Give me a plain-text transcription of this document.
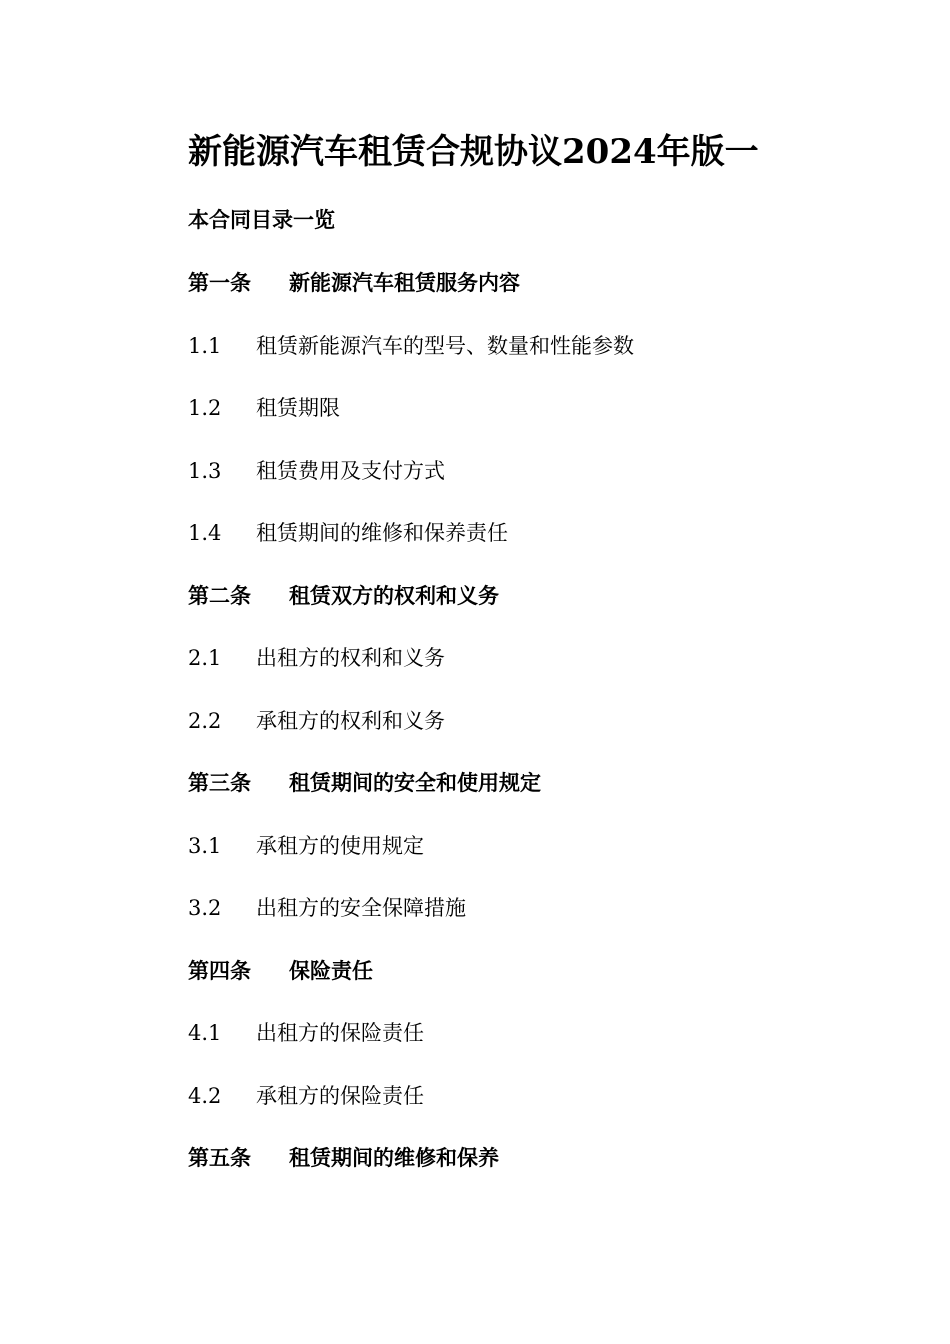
新能源汽车租赁合规协议2024年版一
本合同目录一览
第一条	新能源汽车租赁服务内容
1.1	租赁新能源汽车的型号、数量和性能参数
1.2	租赁期限
1.3	租赁费用及支付方式
1.4	租赁期间的维修和保养责任
第二条	租赁双方的权利和义务
2.1	出租方的权利和义务
2.2	承租方的权利和义务
第三条	租赁期间的安全和使用规定
3.1	承租方的使用规定
3.2	出租方的安全保障措施
第四条	保险责任
4.1	出租方的保险责任
4.2	承租方的保险责任
第五条	租赁期间的维修和保养
